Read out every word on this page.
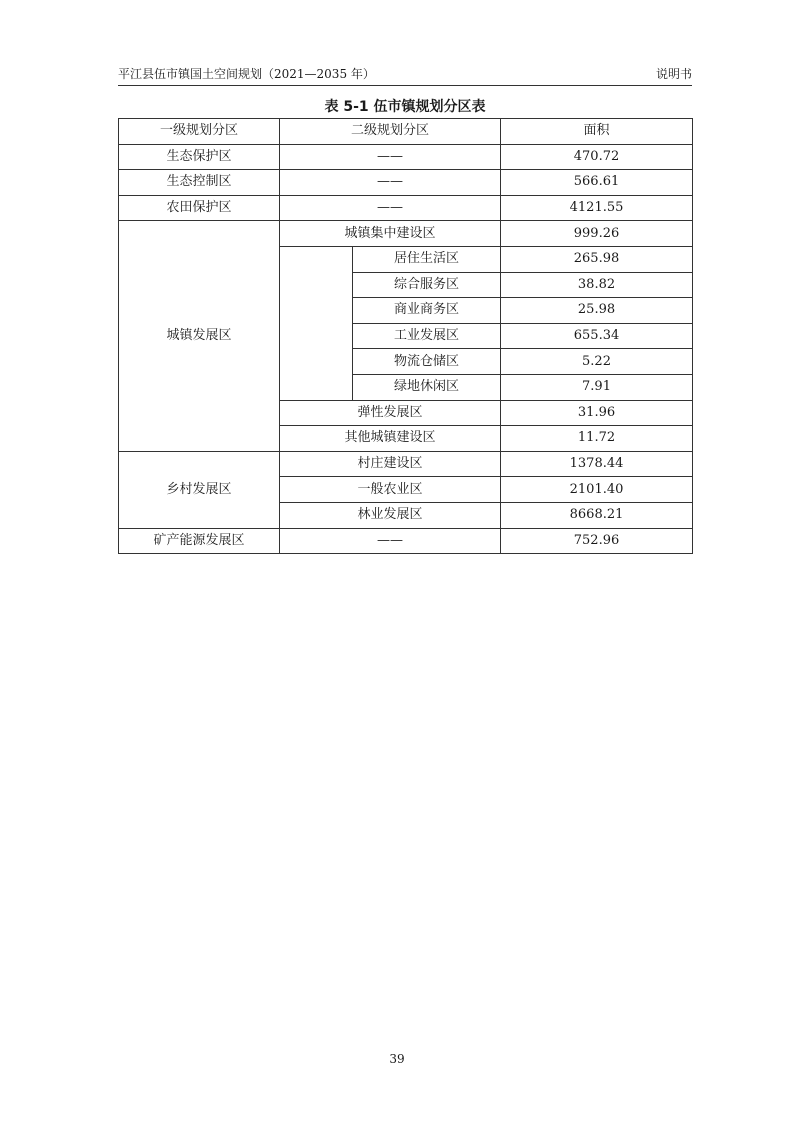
平江县伍市镇国土空间规划（2021—2035 年）	说明书
表 5-1 伍市镇规划分区表
一级规划分区	二级规划分区		面积
生态保护区	——		470.72
生态控制区	——		566.61
农田保护区	——		4121.55
城镇发展区	城镇集中建设区		999.26
		居住生活区	265.98
		综合服务区	38.82
		商业商务区	25.98
		工业发展区	655.34
		物流仓储区	5.22
		绿地休闲区	7.91
	弹性发展区		31.96
	其他城镇建设区		11.72
乡村发展区	村庄建设区		1378.44
	一般农业区		2101.40
	林业发展区		8668.21
矿产能源发展区	——		752.96
39
